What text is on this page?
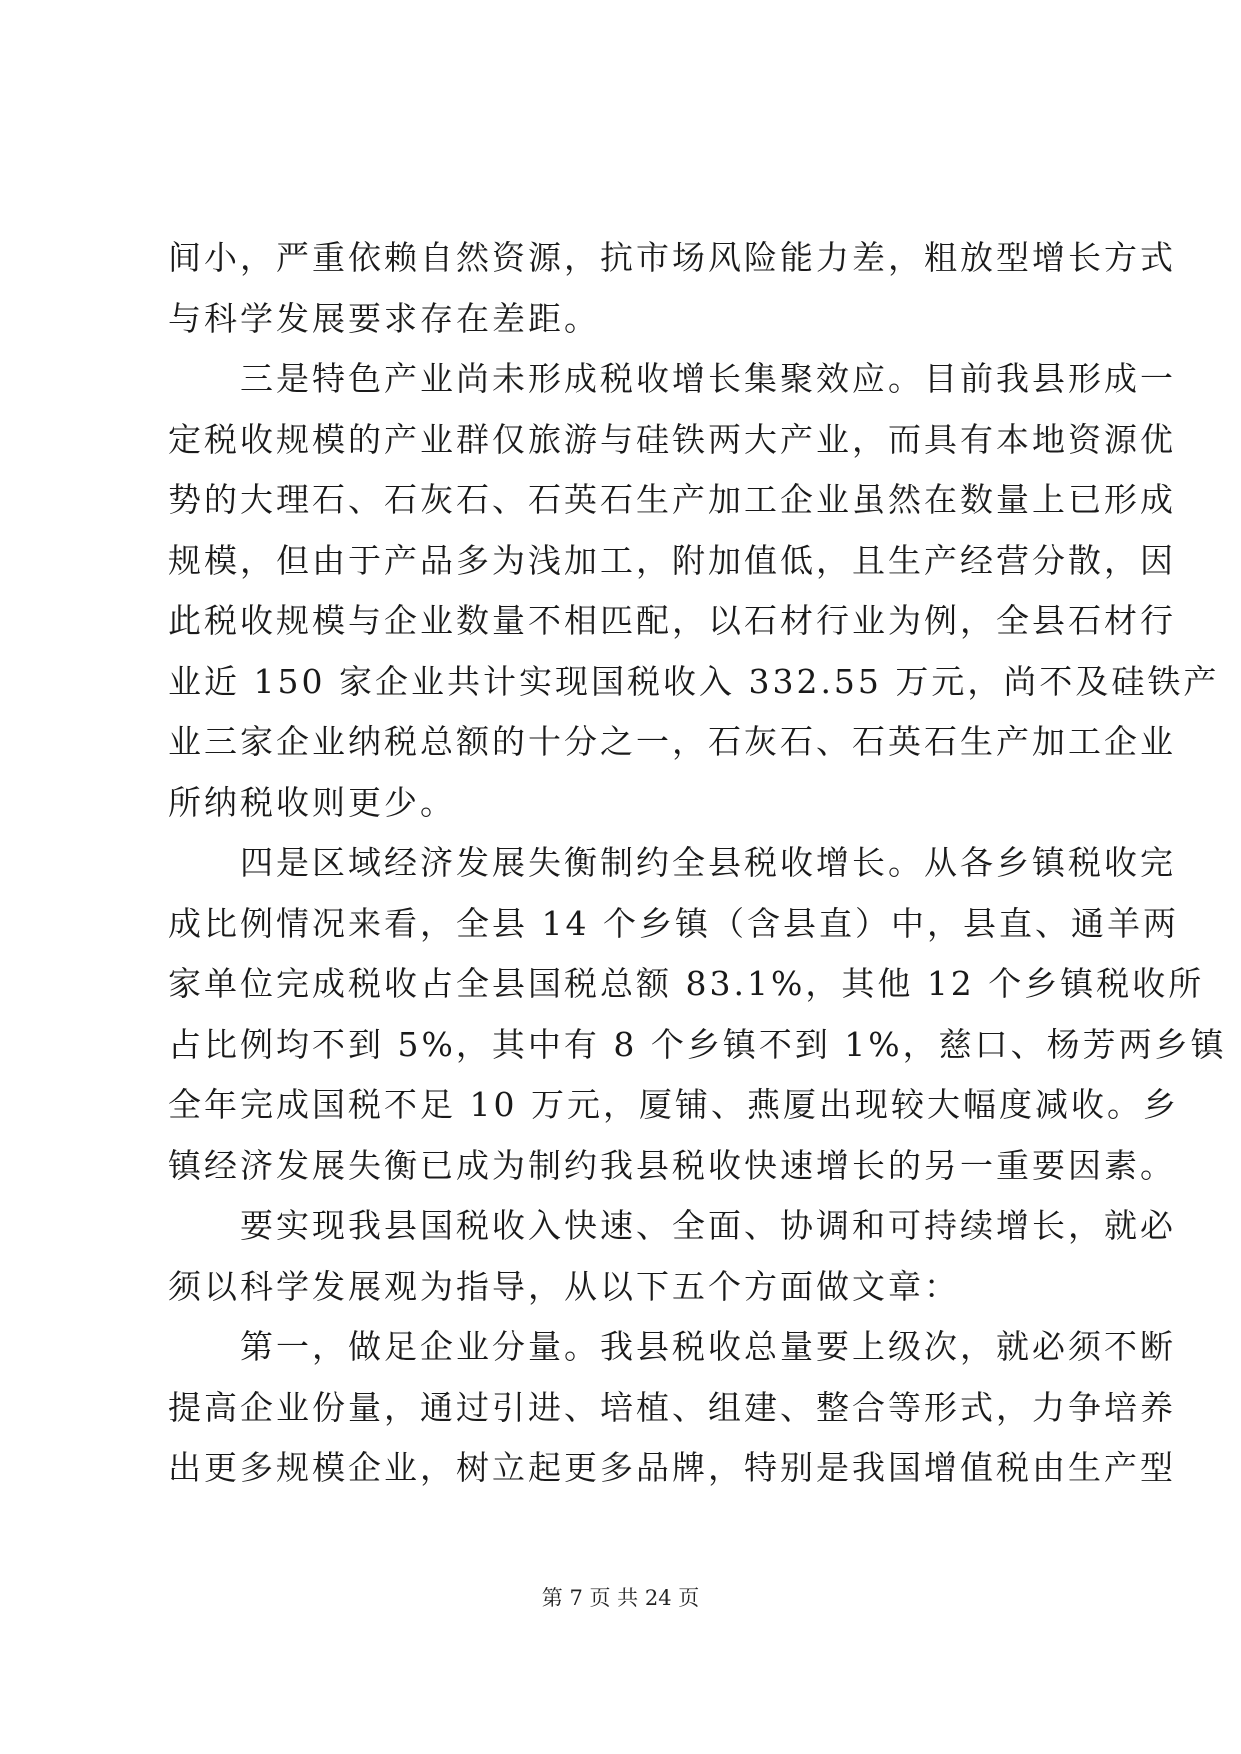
间小，严重依赖自然资源，抗市场风险能力差，粗放型增长方式
与科学发展要求存在差距。
　　三是特色产业尚未形成税收增长集聚效应。目前我县形成一
定税收规模的产业群仅旅游与硅铁两大产业，而具有本地资源优
势的大理石、石灰石、石英石生产加工企业虽然在数量上已形成
规模，但由于产品多为浅加工，附加值低，且生产经营分散，因
此税收规模与企业数量不相匹配，以石材行业为例，全县石材行
业近 150 家企业共计实现国税收入 332.55 万元，尚不及硅铁产
业三家企业纳税总额的十分之一，石灰石、石英石生产加工企业
所纳税收则更少。
　　四是区域经济发展失衡制约全县税收增长。从各乡镇税收完
成比例情况来看，全县 14 个乡镇（含县直）中，县直、通羊两
家单位完成税收占全县国税总额 83.1%，其他 12 个乡镇税收所
占比例均不到 5%，其中有 8 个乡镇不到 1%，慈口、杨芳两乡镇
全年完成国税不足 10 万元，厦铺、燕厦出现较大幅度减收。乡
镇经济发展失衡已成为制约我县税收快速增长的另一重要因素。
　　要实现我县国税收入快速、全面、协调和可持续增长，就必
须以科学发展观为指导，从以下五个方面做文章：
　　第一，做足企业分量。我县税收总量要上级次，就必须不断
提高企业份量，通过引进、培植、组建、整合等形式，力争培养
出更多规模企业，树立起更多品牌，特别是我国增值税由生产型
第 7 页 共 24 页
